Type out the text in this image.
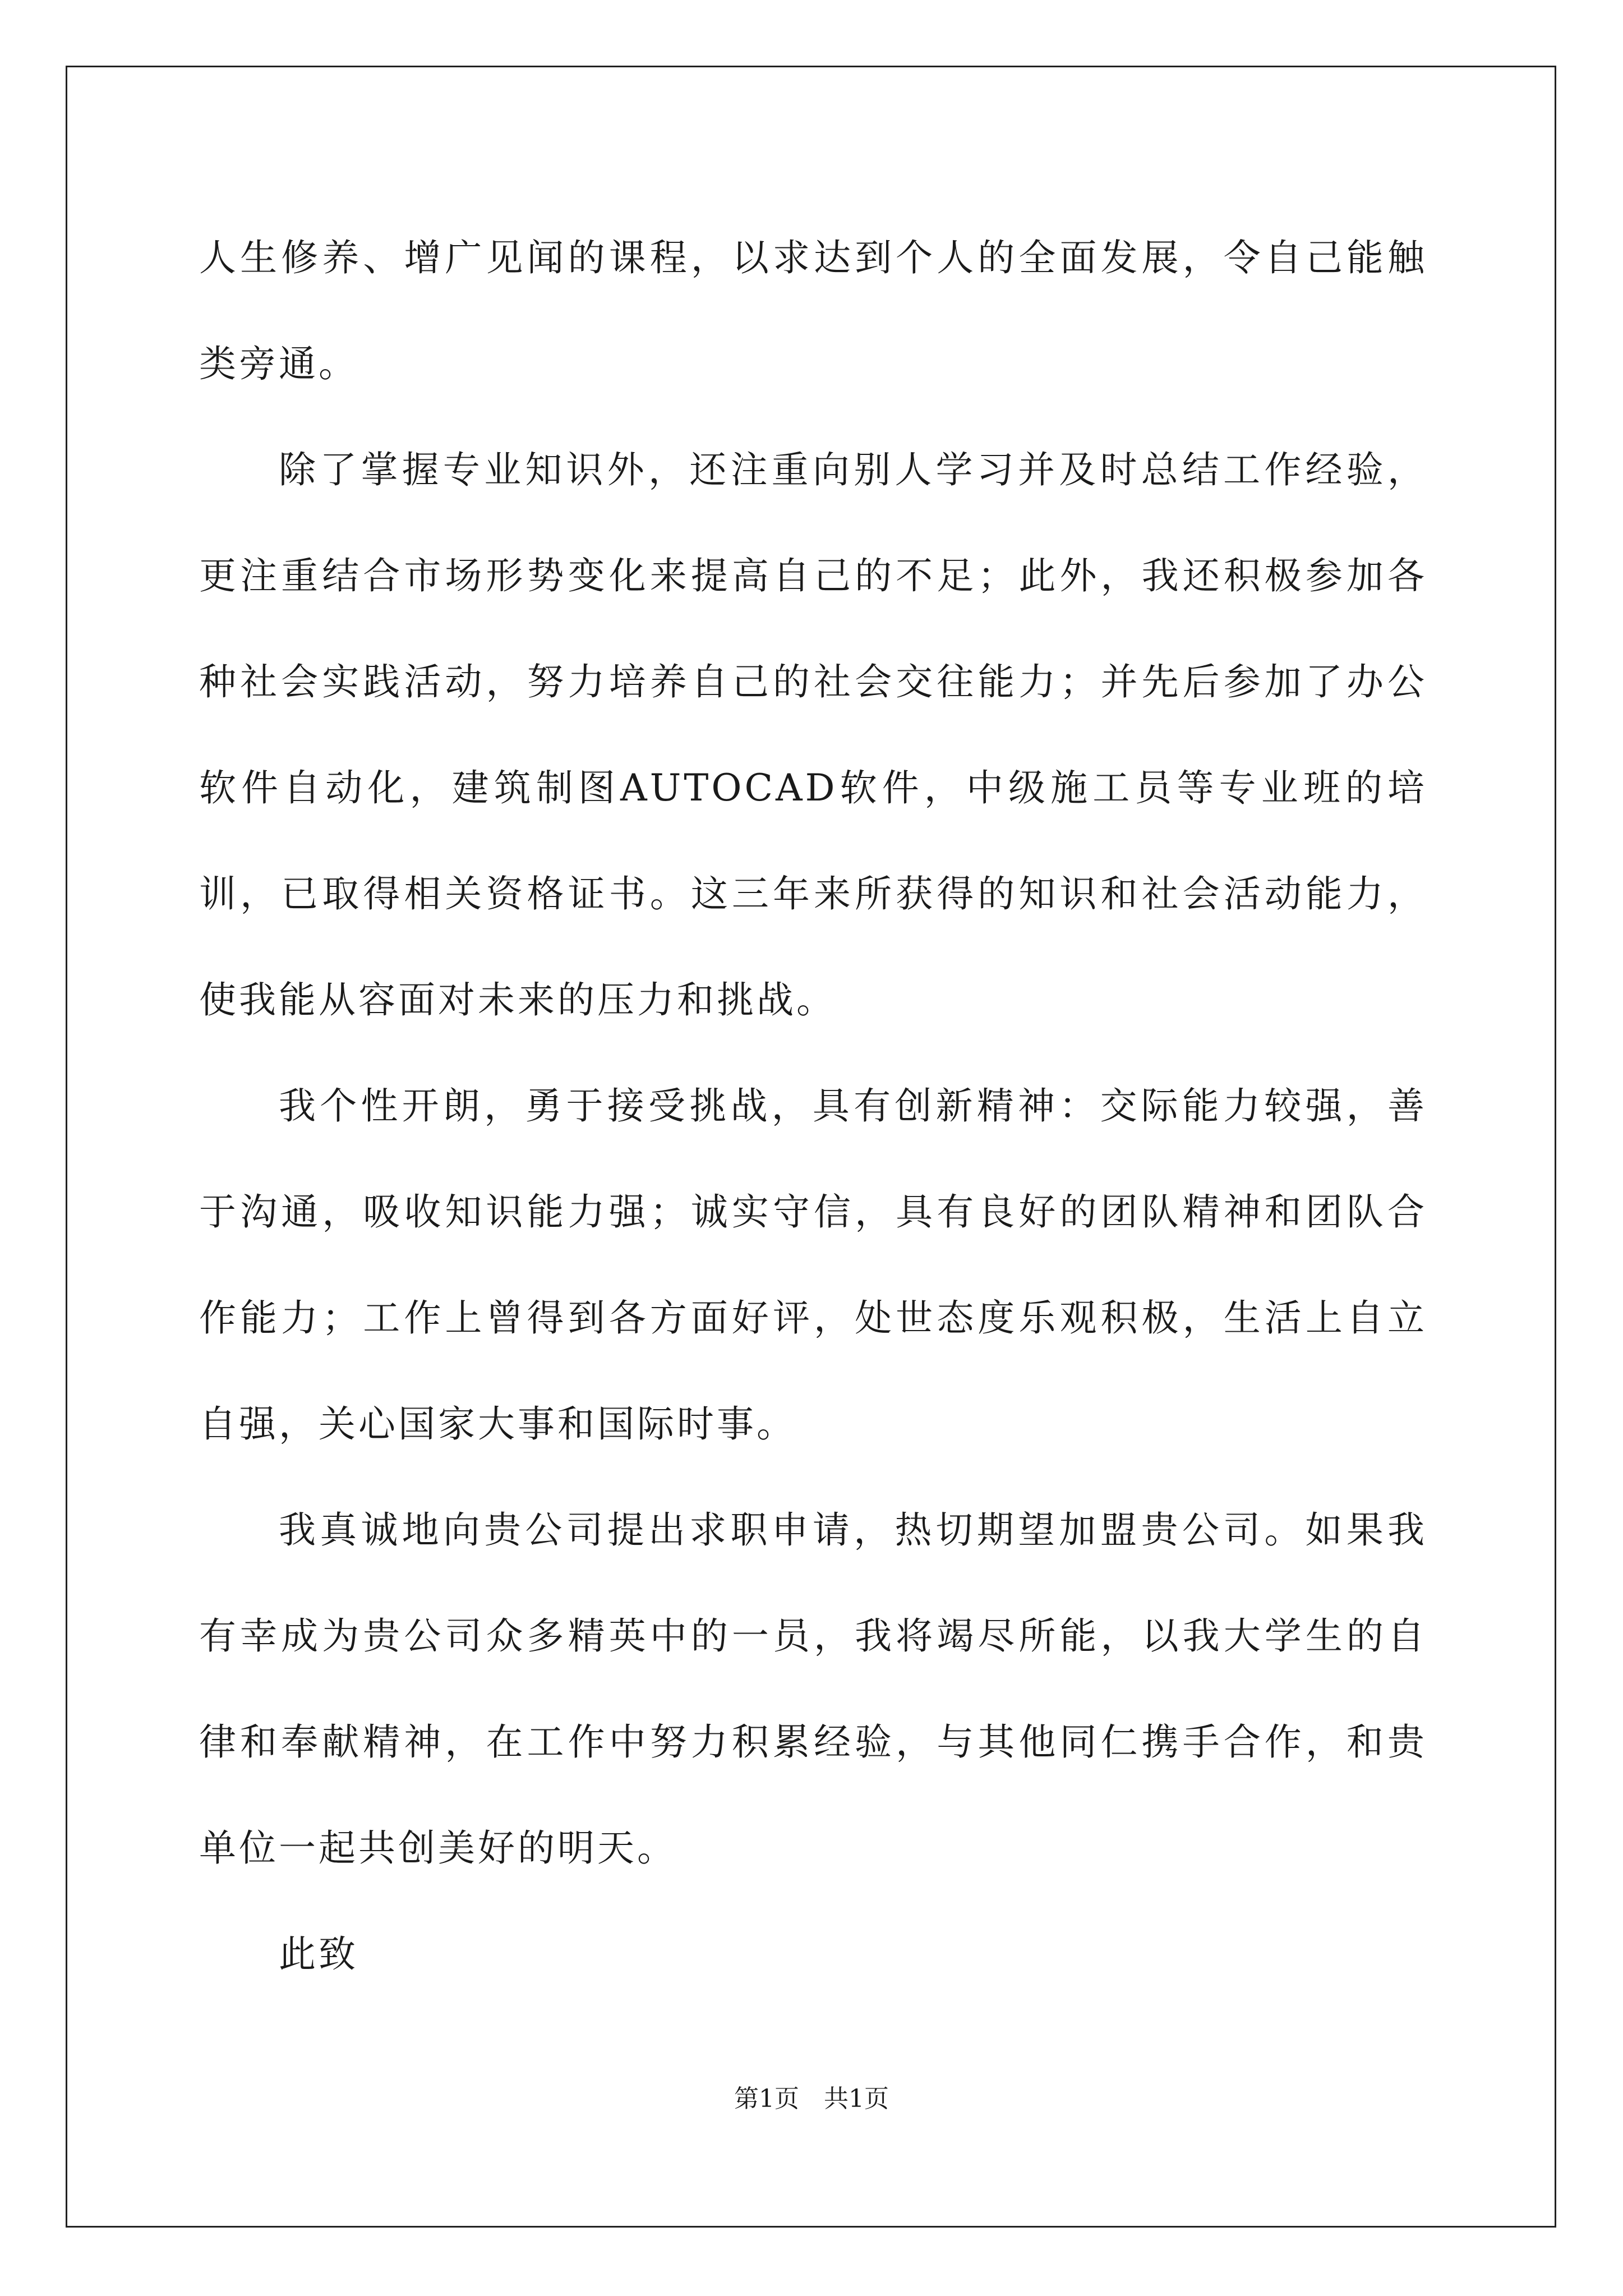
人生修养、增广见闻的课程，以求达到个人的全面发展，令自己能触类旁通。

除了掌握专业知识外，还注重向别人学习并及时总结工作经验，更注重结合市场形势变化来提高自己的不足；此外，我还积极参加各种社会实践活动，努力培养自己的社会交往能力；并先后参加了办公软件自动化，建筑制图AUTOCAD软件，中级施工员等专业班的培训，已取得相关资格证书。这三年来所获得的知识和社会活动能力，使我能从容面对未来的压力和挑战。

我个性开朗，勇于接受挑战，具有创新精神：交际能力较强，善于沟通，吸收知识能力强；诚实守信，具有良好的团队精神和团队合作能力；工作上曾得到各方面好评，处世态度乐观积极，生活上自立自强，关心国家大事和国际时事。

我真诚地向贵公司提出求职申请，热切期望加盟贵公司。如果我有幸成为贵公司众多精英中的一员，我将竭尽所能，以我大学生的自律和奉献精神，在工作中努力积累经验，与其他同仁携手合作，和贵单位一起共创美好的明天。

此致

第1页 共1页
